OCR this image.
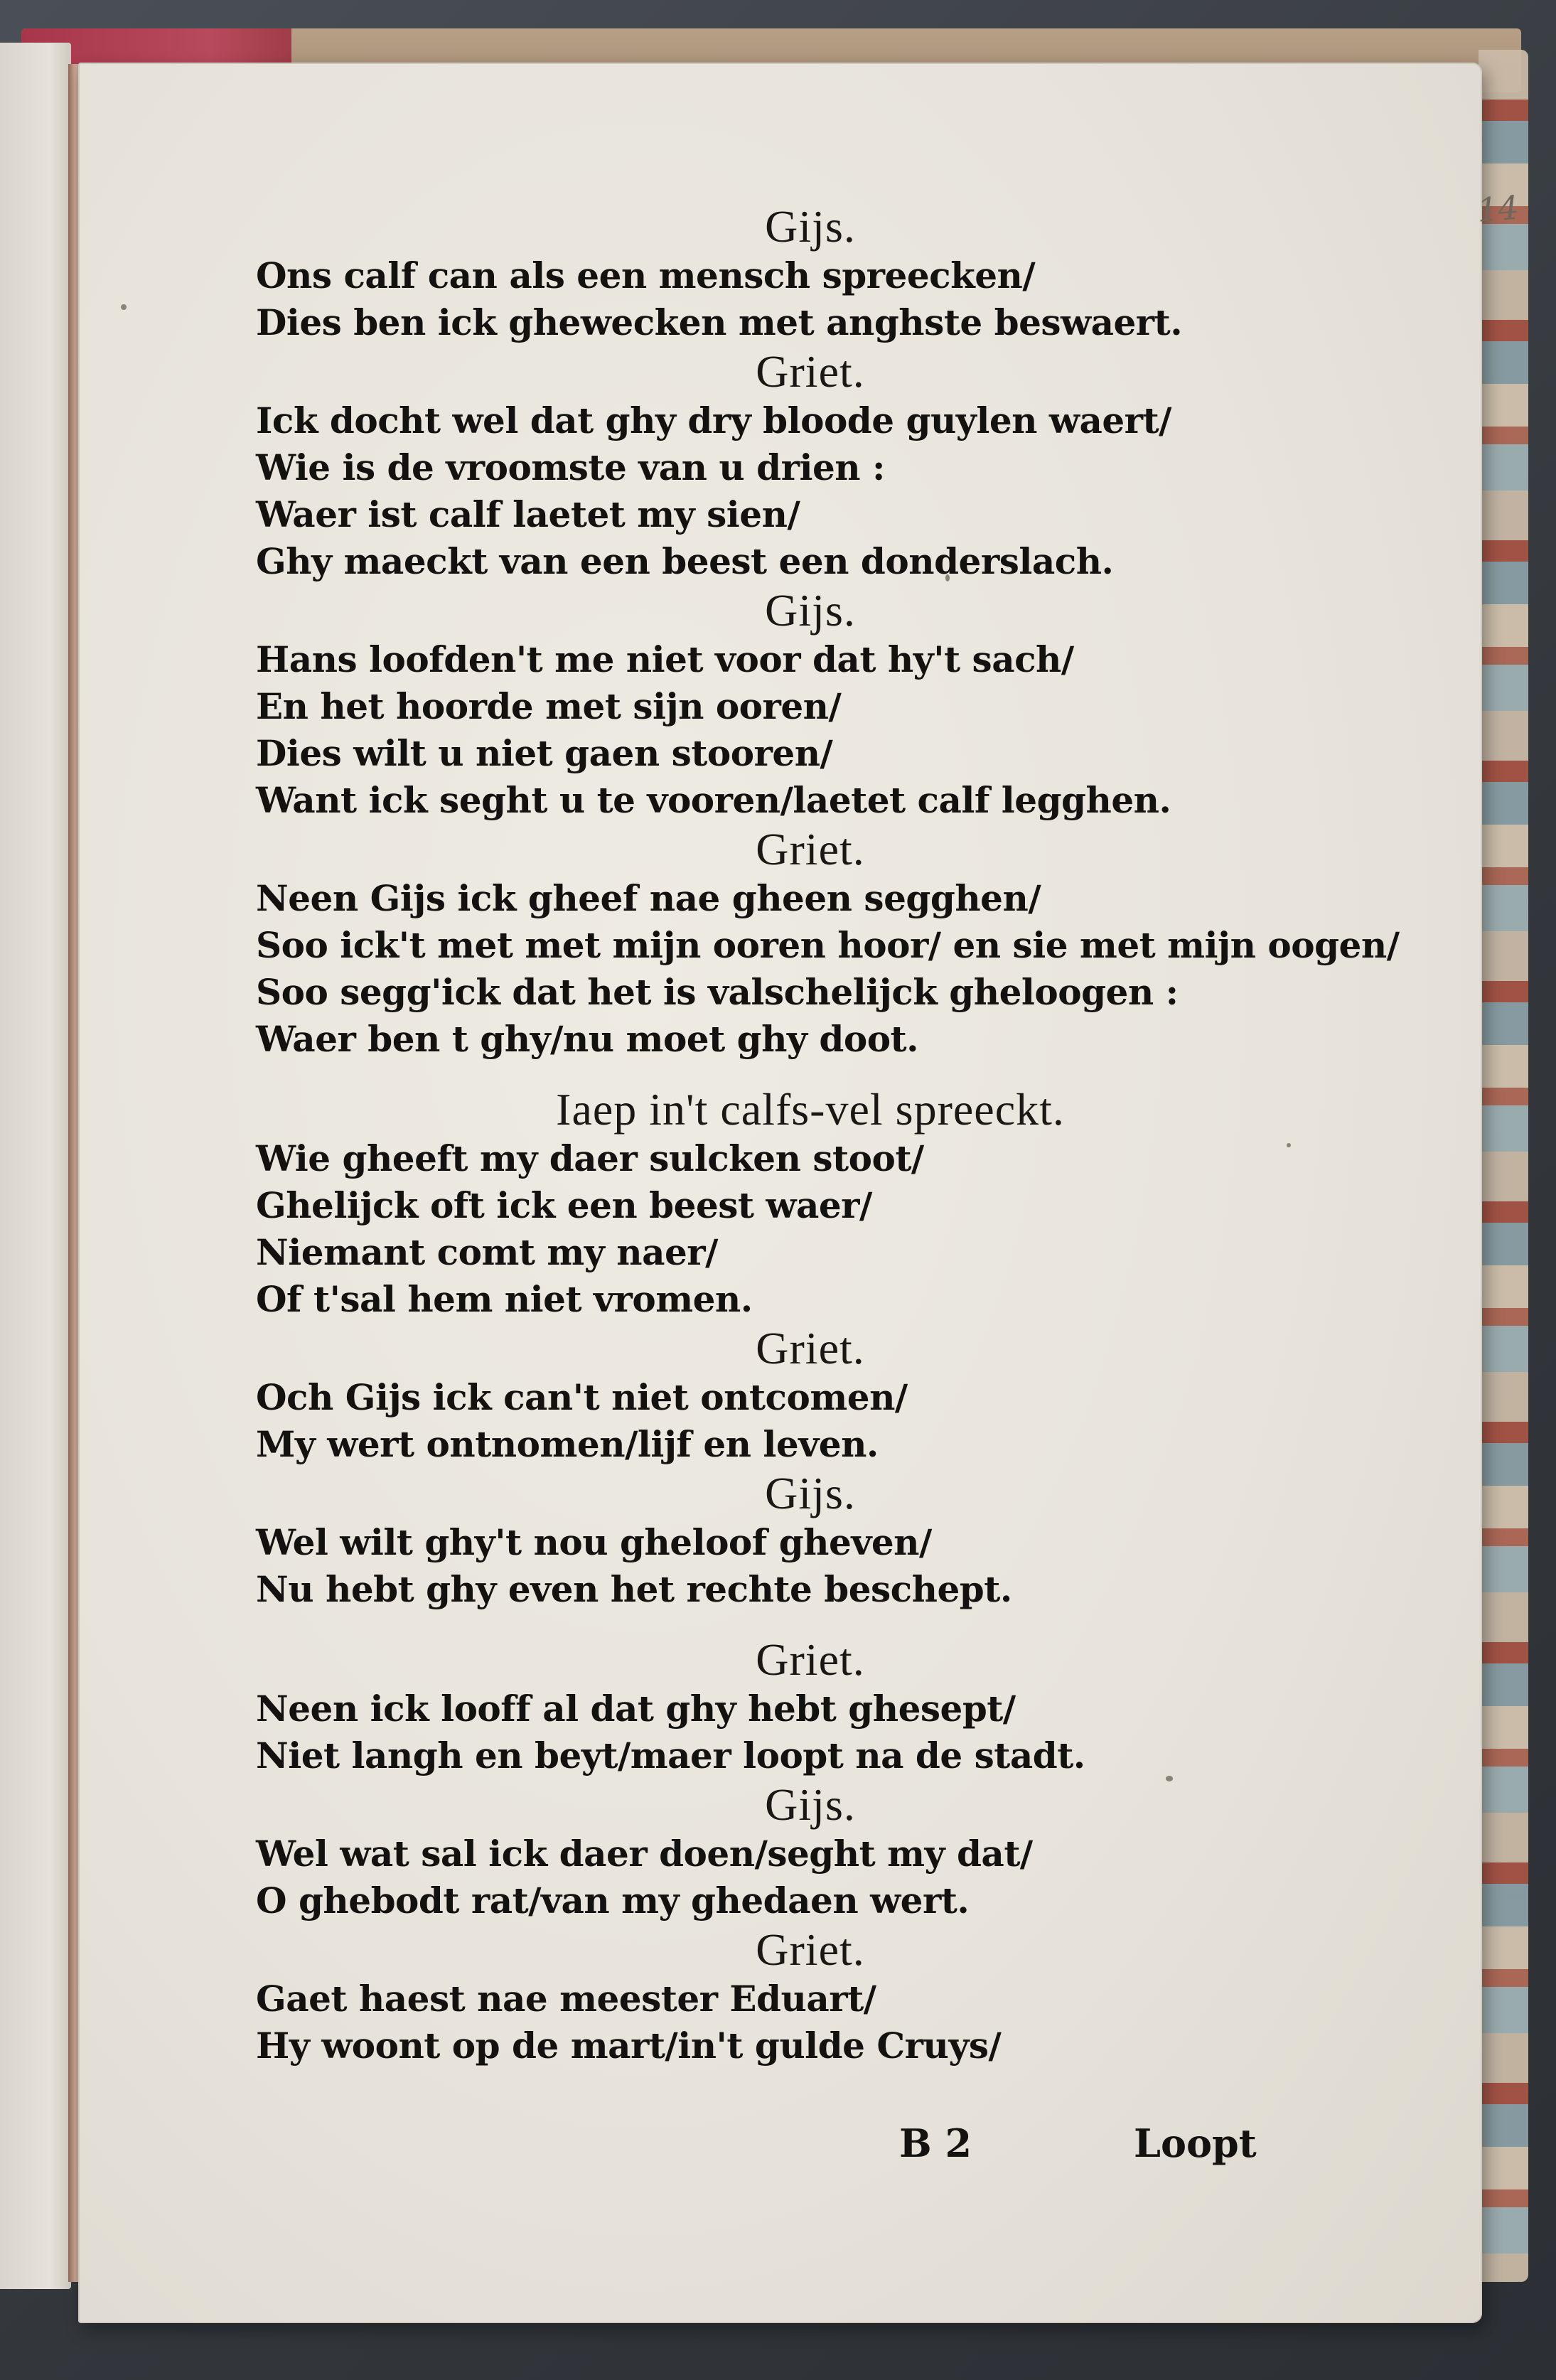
14
Gijs.
Ons calf can als een mensch spreecken/
Dies ben ick ghewecken met anghste beswaert.
Griet.
Ick docht wel dat ghy dry bloode guylen waert/
Wie is de vroomste van u drien :
Waer ist calf laetet my sien/
Ghy maeckt van een beest een donderslach.
Gijs.
Hans loofden't me niet voor dat hy't sach/
En het hoorde met sijn ooren/
Dies wilt u niet gaen stooren/
Want ick seght u te vooren/laetet calf legghen.
Griet.
Neen Gijs ick gheef nae gheen segghen/
Soo ick't met met mijn ooren hoor/ en sie met mijn oogen/
Soo segg'ick dat het is valschelijck gheloogen :
Waer ben t ghy/nu moet ghy doot.
Iaep in't calfs-vel spreeckt.
Wie gheeft my daer sulcken stoot/
Ghelijck oft ick een beest waer/
Niemant comt my naer/
Of t'sal hem niet vromen.
Griet.
Och Gijs ick can't niet ontcomen/
My wert ontnomen/lijf en leven.
Gijs.
Wel wilt ghy't nou gheloof gheven/
Nu hebt ghy even het rechte beschept.
Griet.
Neen ick looff al dat ghy hebt ghesept/
Niet langh en beyt/maer loopt na de stadt.
Gijs.
Wel wat sal ick daer doen/seght my dat/
O ghebodt rat/van my ghedaen wert.
Griet.
Gaet haest nae meester Eduart/
Hy woont op de mart/in't gulde Cruys/
B 2	Loopt
